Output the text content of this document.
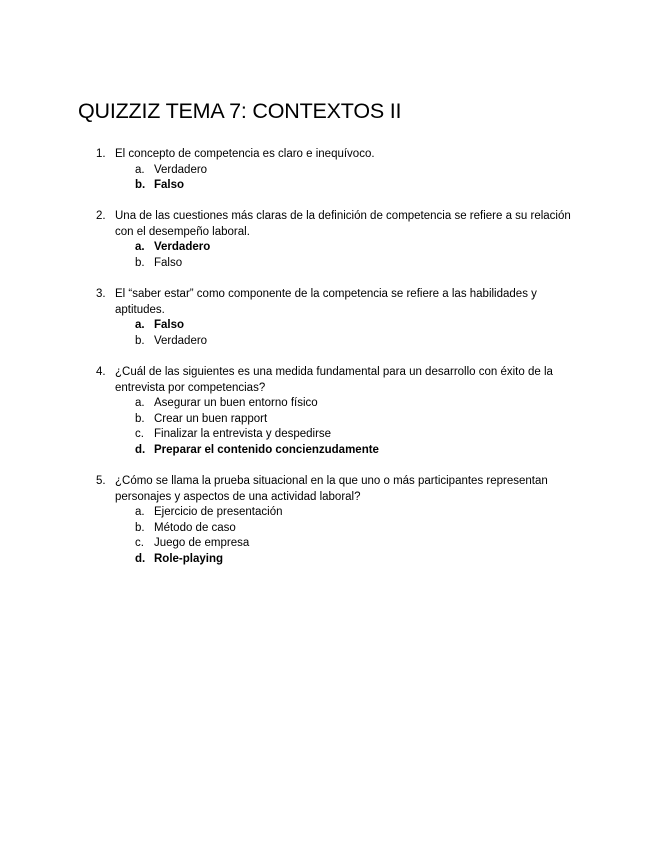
QUIZZIZ TEMA 7: CONTEXTOS II
1. El concepto de competencia es claro e inequívoco.
a. Verdadero
b. Falso
2. Una de las cuestiones más claras de la definición de competencia se refiere a su relación con el desempeño laboral.
a. Verdadero
b. Falso
3. El “saber estar” como componente de la competencia se refiere a las habilidades y aptitudes.
a. Falso
b. Verdadero
4. ¿Cuál de las siguientes es una medida fundamental para un desarrollo con éxito de la entrevista por competencias?
a. Asegurar un buen entorno físico
b. Crear un buen rapport
c. Finalizar la entrevista y despedirse
d. Preparar el contenido concienzudamente
5. ¿Cómo se llama la prueba situacional en la que uno o más participantes representan personajes y aspectos de una actividad laboral?
a. Ejercicio de presentación
b. Método de caso
c. Juego de empresa
d. Role-playing
